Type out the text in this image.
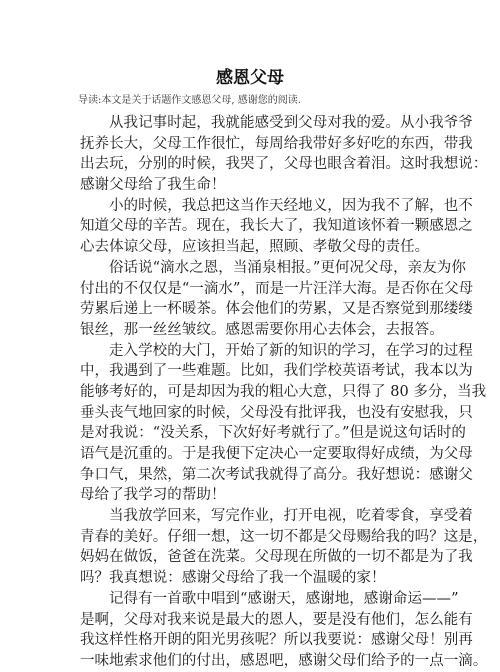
感恩父母
导读:本文是关于话题作文感恩父母, 感谢您的阅读.
从我记事时起，我就能感受到父母对我的爱。从小我爷爷
抚养长大，父母工作很忙，每周给我带好多好吃的东西，带我
出去玩，分别的时候，我哭了，父母也眼含着泪。这时我想说：
感谢父母给了我生命！
小的时候，我总把这当作天经地义，因为我不了解，也不
知道父母的辛苦。现在，我长大了，我知道该怀着一颗感恩之
心去体谅父母，应该担当起，照顾、孝敬父母的责任。
俗话说“滴水之恩，当涌泉相报。”更何况父母，亲友为你
付出的不仅仅是“一滴水”，而是一片汪洋大海。是否你在父母
劳累后递上一杯暖茶。体会他们的劳累，又是否察觉到那缕缕
银丝，那一丝丝皱纹。感恩需要你用心去体会，去报答。
走入学校的大门，开始了新的知识的学习，在学习的过程
中，我遇到了一些难题。比如，我们学校英语考试，我本以为
能够考好的，可是却因为我的粗心大意，只得了 80 多分，当我
垂头丧气地回家的时候，父母没有批评我，也没有安慰我，只
是对我说：“没关系，下次好好考就行了。”但是说这句话时的
语气是沉重的。于是我便下定决心一定要取得好成绩，为父母
争口气，果然，第二次考试我就得了高分。我好想说：感谢父
母给了我学习的帮助！
当我放学回来，写完作业，打开电视，吃着零食，享受着
青春的美好。仔细一想，这一切不都是父母赐给我的吗？这是，
妈妈在做饭，爸爸在洗菜。父母现在所做的一切不都是为了我
吗？我真想说：感谢父母给了我一个温暖的家！
记得有一首歌中唱到“感谢天，感谢地，感谢命运——”
是啊，父母对我来说是最大的恩人，要是没有他们，怎么能有
我这样性格开朗的阳光男孩呢？所以我要说：感谢父母！别再
一味地索求他们的付出，感恩吧，感谢父母们给予的一点一滴。
